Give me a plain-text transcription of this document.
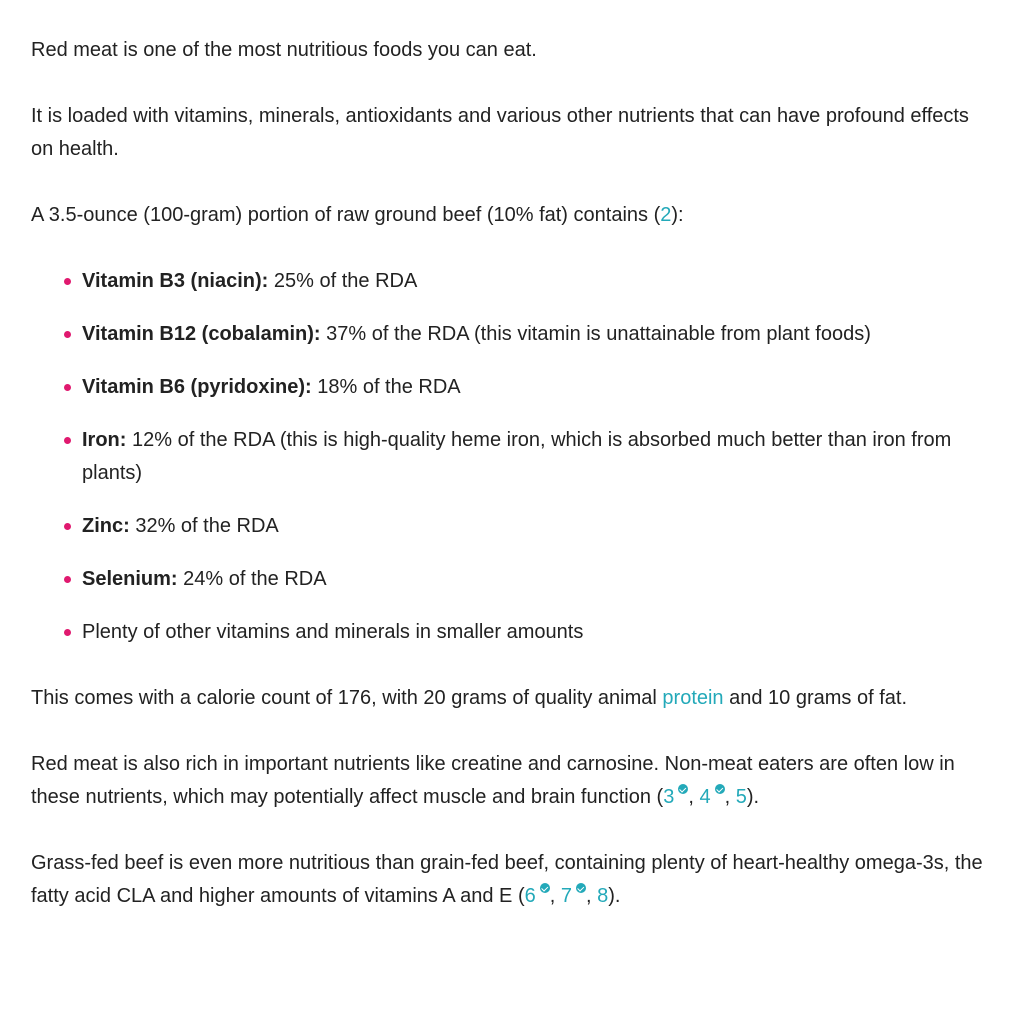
Red meat is one of the most nutritious foods you can eat.

It is loaded with vitamins, minerals, antioxidants and various other nutrients that can have profound effects on health.

A 3.5-ounce (100-gram) portion of raw ground beef (10% fat) contains (2):

Vitamin B3 (niacin): 25% of the RDA
Vitamin B12 (cobalamin): 37% of the RDA (this vitamin is unattainable from plant foods)
Vitamin B6 (pyridoxine): 18% of the RDA
Iron: 12% of the RDA (this is high-quality heme iron, which is absorbed much better than iron from plants)
Zinc: 32% of the RDA
Selenium: 24% of the RDA
Plenty of other vitamins and minerals in smaller amounts

This comes with a calorie count of 176, with 20 grams of quality animal protein and 10 grams of fat.

Red meat is also rich in important nutrients like creatine and carnosine. Non-meat eaters are often low in these nutrients, which may potentially affect muscle and brain function (3 , 4 , 5).

Grass-fed beef is even more nutritious than grain-fed beef, containing plenty of heart-healthy omega-3s, the fatty acid CLA and higher amounts of vitamins A and E (6 , 7 , 8).
